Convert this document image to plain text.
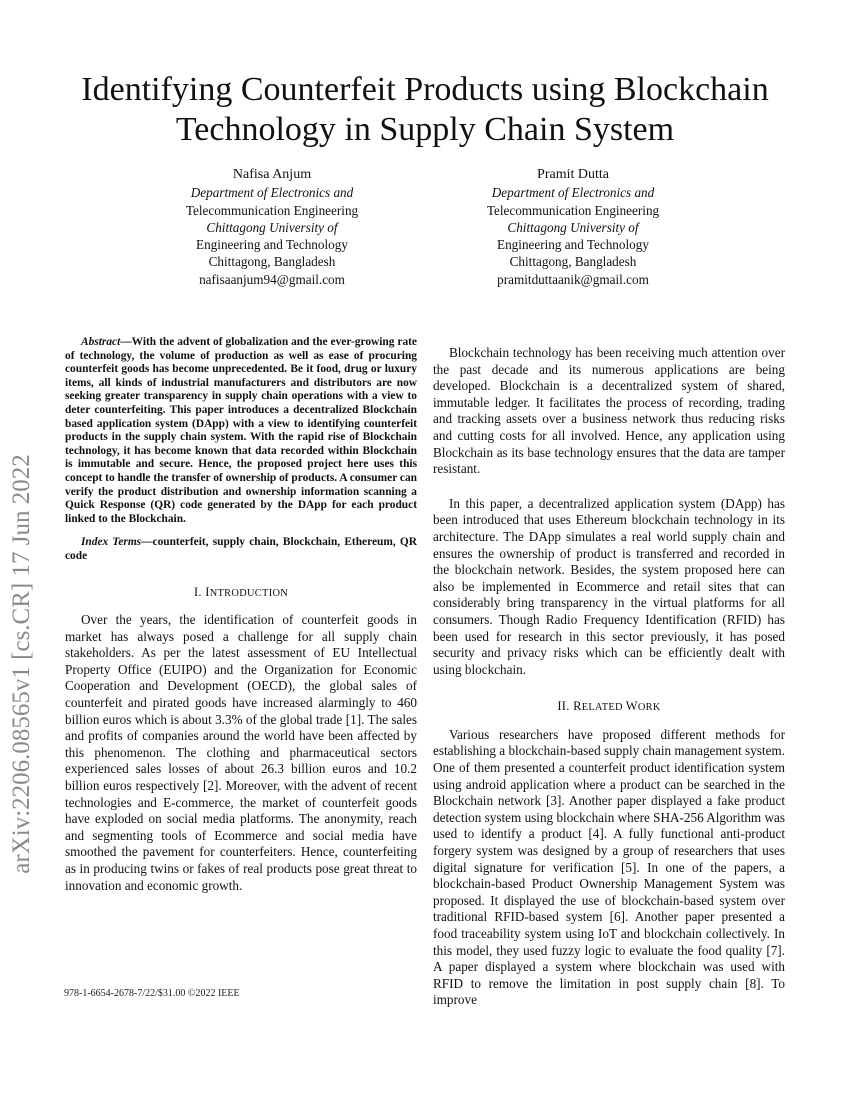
arXiv:2206.08565v1 [cs.CR] 17 Jun 2022
Identifying Counterfeit Products using Blockchain Technology in Supply Chain System
Nafisa Anjum
Department of Electronics and
Telecommunication Engineering
Chittagong University of
Engineering and Technology
Chittagong, Bangladesh
nafisaanjum94@gmail.com
Pramit Dutta
Department of Electronics and
Telecommunication Engineering
Chittagong University of
Engineering and Technology
Chittagong, Bangladesh
pramitduttaanik@gmail.com

Abstract—With the advent of globalization and the ever-growing rate of technology, the volume of production as well as ease of procuring counterfeit goods has become unprecedented. Be it food, drug or luxury items, all kinds of industrial manufacturers and distributors are now seeking greater transparency in supply chain operations with a view to deter counterfeiting. This paper introduces a decentralized Blockchain based application system (DApp) with a view to identifying counterfeit products in the supply chain system. With the rapid rise of Blockchain technology, it has become known that data recorded within Blockchain is immutable and secure. Hence, the proposed project here uses this concept to handle the transfer of ownership of products. A consumer can verify the product distribution and ownership information scanning a Quick Response (QR) code generated by the DApp for each product linked to the Blockchain.

Index Terms—counterfeit, supply chain, Blockchain, Ethereum, QR code

I. INTRODUCTION

Over the years, the identification of counterfeit goods in market has always posed a challenge for all supply chain stakeholders. As per the latest assessment of EU Intellectual Property Office (EUIPO) and the Organization for Economic Cooperation and Development (OECD), the global sales of counterfeit and pirated goods have increased alarmingly to 460 billion euros which is about 3.3% of the global trade [1]. The sales and profits of companies around the world have been affected by this phenomenon. The clothing and pharmaceutical sectors experienced sales losses of about 26.3 billion euros and 10.2 billion euros respectively [2]. Moreover, with the advent of recent technologies and E-commerce, the market of counterfeit goods have exploded on social media platforms. The anonymity, reach and segmenting tools of Ecommerce and social media have smoothed the pavement for counterfeiters. Hence, counterfeiting as in producing twins or fakes of real products pose great threat to innovation and economic growth.

978-1-6654-2678-7/22/$31.00 ©2022 IEEE

Blockchain technology has been receiving much attention over the past decade and its numerous applications are being developed. Blockchain is a decentralized system of shared, immutable ledger. It facilitates the process of recording, trading and tracking assets over a business network thus reducing risks and cutting costs for all involved. Hence, any application using Blockchain as its base technology ensures that the data are tamper resistant.

In this paper, a decentralized application system (DApp) has been introduced that uses Ethereum blockchain technology in its architecture. The DApp simulates a real world supply chain and ensures the ownership of product is transferred and recorded in the blockchain network. Besides, the system proposed here can also be implemented in Ecommerce and retail sites that can considerably bring transparency in the virtual platforms for all consumers. Though Radio Frequency Identification (RFID) has been used for research in this sector previously, it has posed security and privacy risks which can be efficiently dealt with using blockchain.

II. RELATED WORK

Various researchers have proposed different methods for establishing a blockchain-based supply chain management system. One of them presented a counterfeit product identification system using android application where a product can be searched in the Blockchain network [3]. Another paper displayed a fake product detection system using blockchain where SHA-256 Algorithm was used to identify a product [4]. A fully functional anti-product forgery system was designed by a group of researchers that uses digital signature for verification [5]. In one of the papers, a blockchain-based Product Ownership Management System was proposed. It displayed the use of blockchain-based system over traditional RFID-based system [6]. Another paper presented a food traceability system using IoT and blockchain collectively. In this model, they used fuzzy logic to evaluate the food quality [7]. A paper displayed a system where blockchain was used with RFID to remove the limitation in post supply chain [8]. To improve
